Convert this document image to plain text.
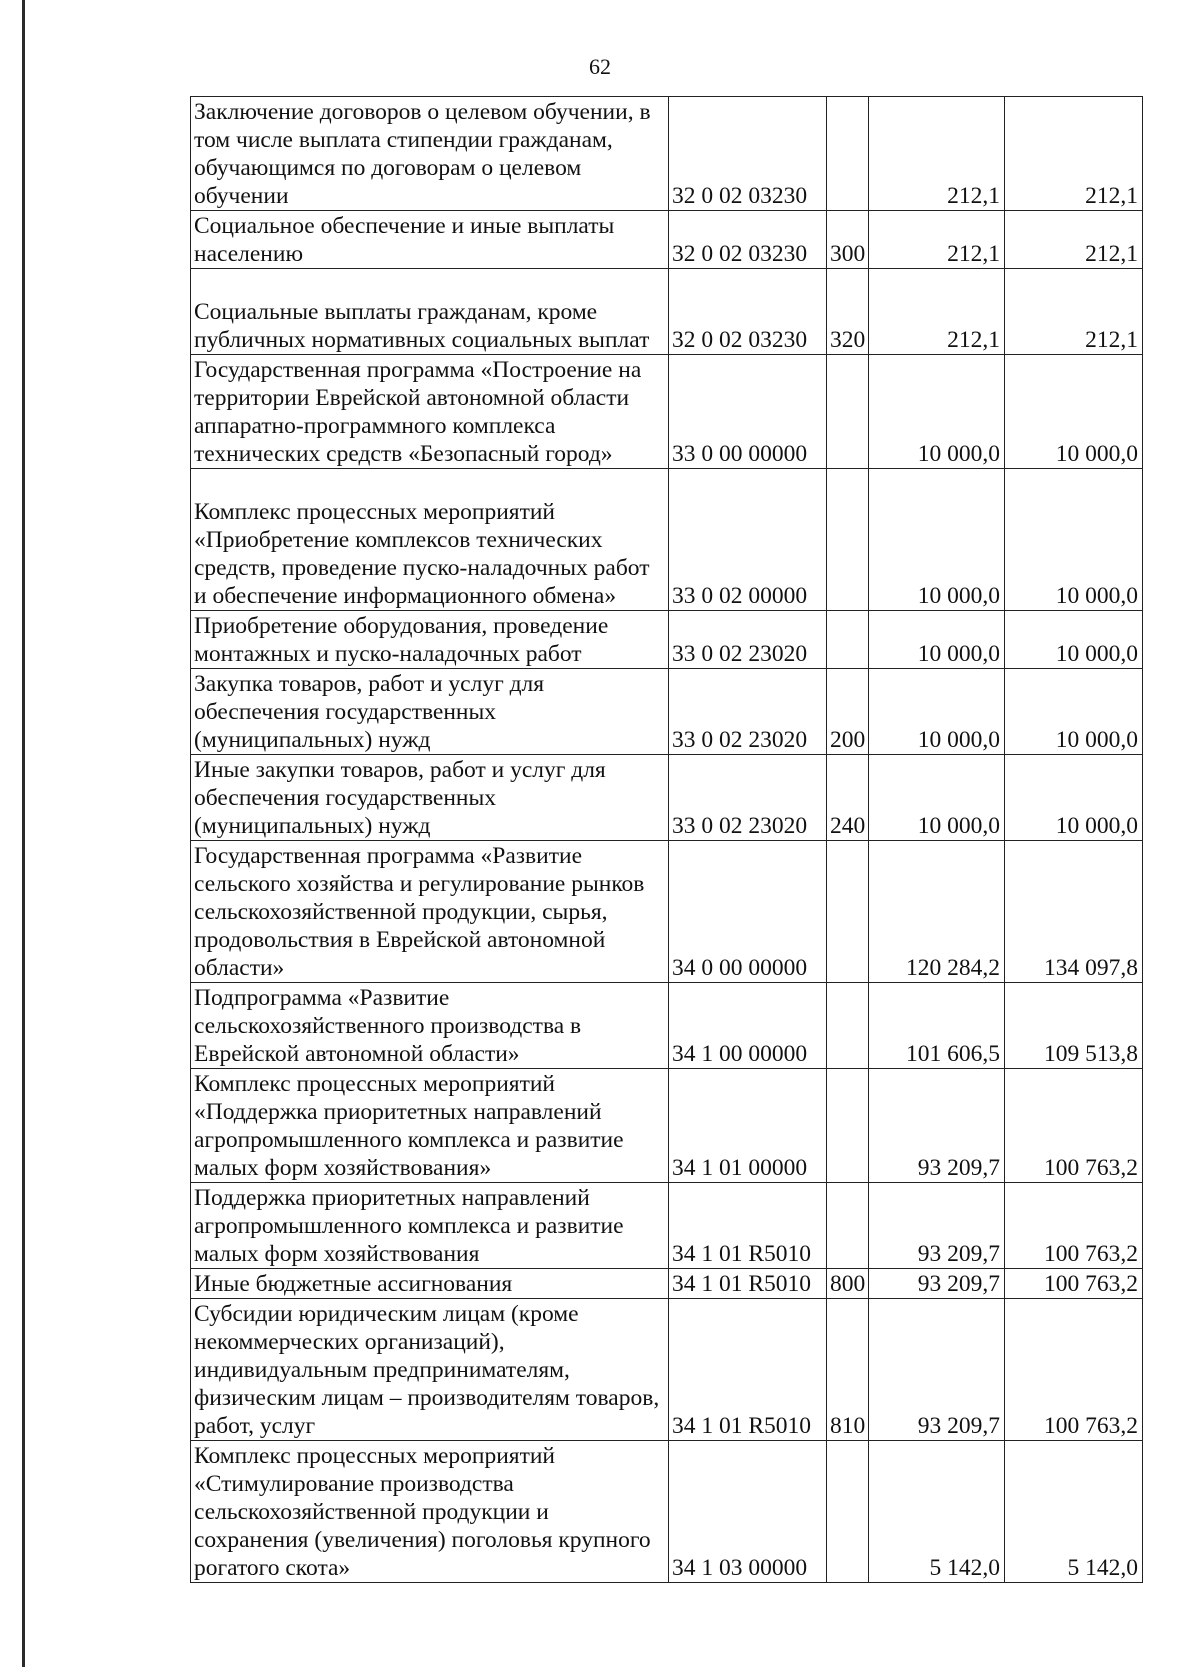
62
Заключение договоров о целевом обучении, в том числе выплата стипендии гражданам, обучающимся по договорам о целевом обучении	32 0 02 03230		212,1	212,1
Социальное обеспечение и иные выплаты населению	32 0 02 03230	300	212,1	212,1
Социальные выплаты гражданам, кроме публичных нормативных социальных выплат	32 0 02 03230	320	212,1	212,1
Государственная программа «Построение на территории Еврейской автономной области аппаратно-программного комплекса технических средств «Безопасный город»	33 0 00 00000		10 000,0	10 000,0
Комплекс процессных мероприятий «Приобретение комплексов технических средств, проведение пуско-наладочных работ и обеспечение информационного обмена»	33 0 02 00000		10 000,0	10 000,0
Приобретение оборудования, проведение монтажных и пуско-наладочных работ	33 0 02 23020		10 000,0	10 000,0
Закупка товаров, работ и услуг для обеспечения государственных (муниципальных) нужд	33 0 02 23020	200	10 000,0	10 000,0
Иные закупки товаров, работ и услуг для обеспечения государственных (муниципальных) нужд	33 0 02 23020	240	10 000,0	10 000,0
Государственная программа «Развитие сельского хозяйства и регулирование рынков сельскохозяйственной продукции, сырья, продовольствия в Еврейской автономной области»	34 0 00 00000		120 284,2	134 097,8
Подпрограмма «Развитие сельскохозяйственного производства в Еврейской автономной области»	34 1 00 00000		101 606,5	109 513,8
Комплекс процессных мероприятий «Поддержка приоритетных направлений агропромышленного комплекса и развитие малых форм хозяйствования»	34 1 01 00000		93 209,7	100 763,2
Поддержка приоритетных направлений агропромышленного комплекса и развитие малых форм хозяйствования	34 1 01 R5010		93 209,7	100 763,2
Иные бюджетные ассигнования	34 1 01 R5010	800	93 209,7	100 763,2
Субсидии юридическим лицам (кроме некоммерческих организаций), индивидуальным предпринимателям, физическим лицам – производителям товаров, работ, услуг	34 1 01 R5010	810	93 209,7	100 763,2
Комплекс процессных мероприятий «Стимулирование производства сельскохозяйственной продукции и сохранения (увеличения) поголовья крупного рогатого скота»	34 1 03 00000		5 142,0	5 142,0
